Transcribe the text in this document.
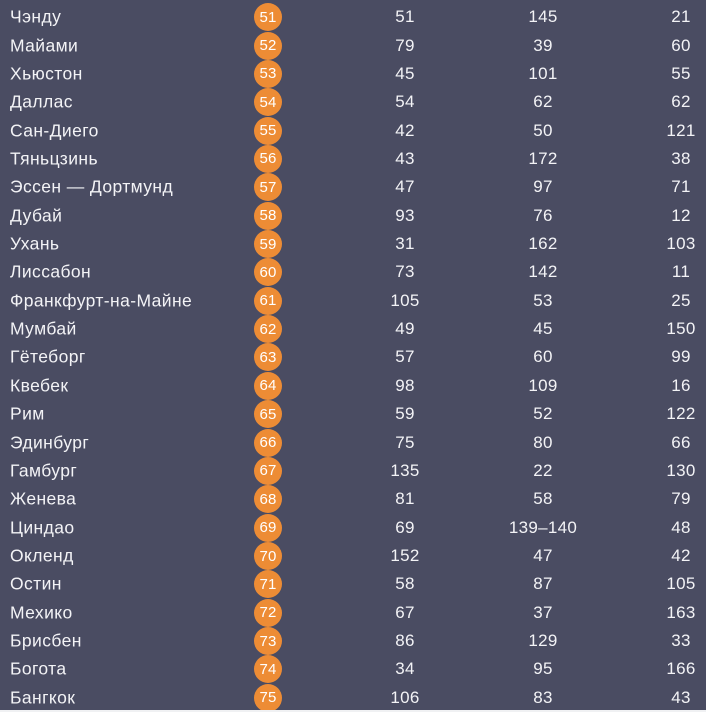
Чэнду	51	51	145	21
Майами	52	79	39	60
Хьюстон	53	45	101	55
Даллас	54	54	62	62
Сан-Диего	55	42	50	121
Тяньцзинь	56	43	172	38
Эссен — Дортмунд	57	47	97	71
Дубай	58	93	76	12
Ухань	59	31	162	103
Лиссабон	60	73	142	11
Франкфурт-на-Майне	61	105	53	25
Мумбай	62	49	45	150
Гётеборг	63	57	60	99
Квебек	64	98	109	16
Рим	65	59	52	122
Эдинбург	66	75	80	66
Гамбург	67	135	22	130
Женева	68	81	58	79
Циндао	69	69	139–140	48
Окленд	70	152	47	42
Остин	71	58	87	105
Мехико	72	67	37	163
Брисбен	73	86	129	33
Богота	74	34	95	166
Бангкок	75	106	83	43
